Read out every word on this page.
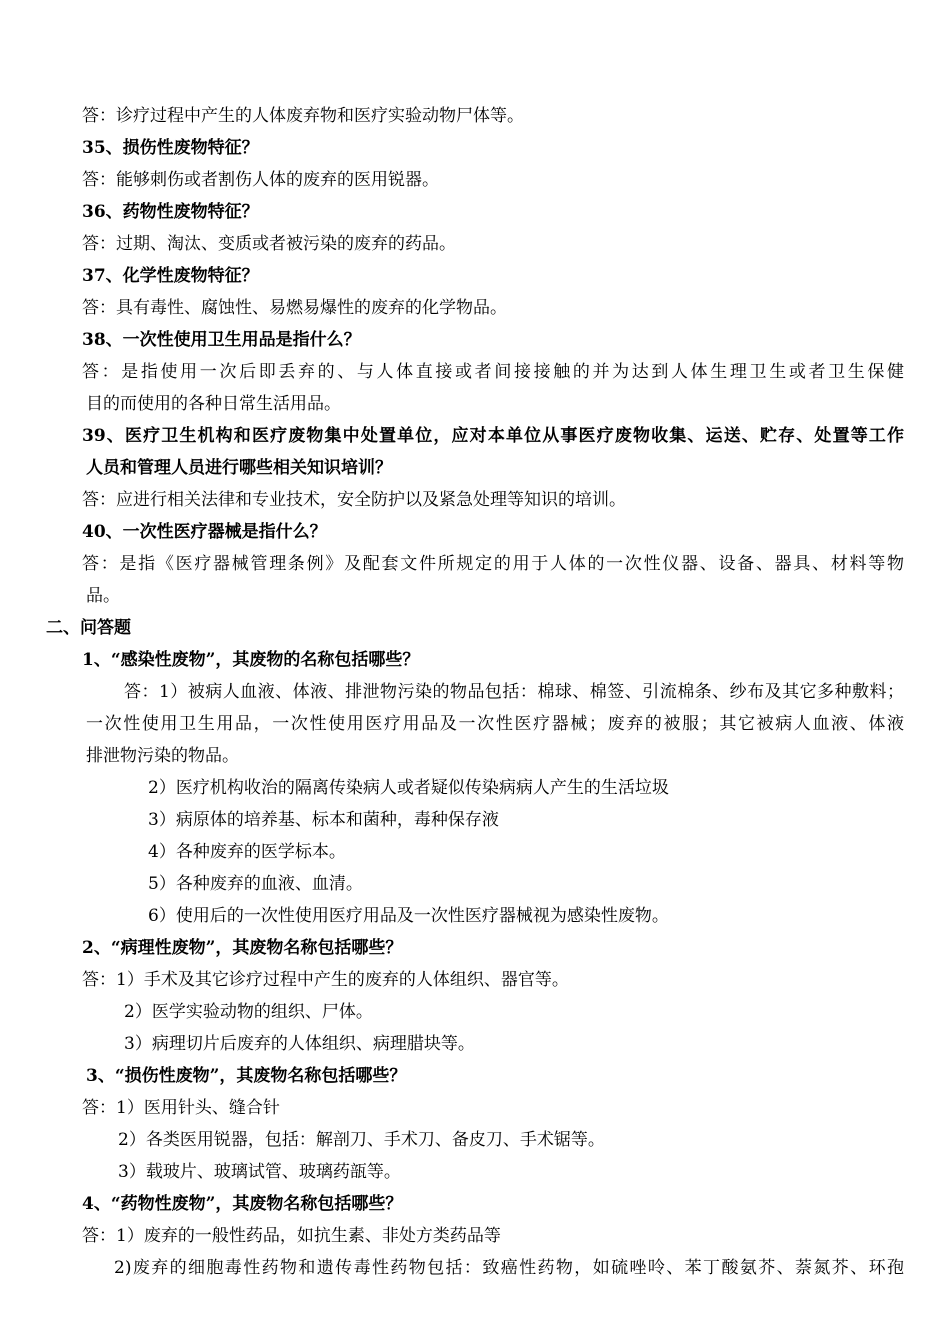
答：诊疗过程中产生的人体废弃物和医疗实验动物尸体等。

35、损伤性废物特征？

答：能够刺伤或者割伤人体的废弃的医用锐器。

36、药物性废物特征？

答：过期、淘汰、变质或者被污染的废弃的药品。

37、化学性废物特征？

答：具有毒性、腐蚀性、易燃易爆性的废弃的化学物品。

38、一次性使用卫生用品是指什么？

答：是指使用一次后即丢弃的、与人体直接或者间接接触的并为达到人体生理卫生或者卫生保健

目的而使用的各种日常生活用品。

39、医疗卫生机构和医疗废物集中处置单位，应对本单位从事医疗废物收集、运送、贮存、处置等工作

人员和管理人员进行哪些相关知识培训？

答：应进行相关法律和专业技术，安全防护以及紧急处理等知识的培训。

40、一次性医疗器械是指什么？

答：是指《医疗器械管理条例》及配套文件所规定的用于人体的一次性仪器、设备、器具、材料等物

品。

二、问答题

1、“感染性废物”，其废物的名称包括哪些？

答：1）被病人血液、体液、排泄物污染的物品包括：棉球、棉签、引流棉条、纱布及其它多种敷料；

一次性使用卫生用品，一次性使用医疗用品及一次性医疗器械；废弃的被服；其它被病人血液、体液

排泄物污染的物品。

2）医疗机构收治的隔离传染病人或者疑似传染病病人产生的生活垃圾

3）病原体的培养基、标本和菌种，毒种保存液

4）各种废弃的医学标本。

5）各种废弃的血液、血清。

6）使用后的一次性使用医疗用品及一次性医疗器械视为感染性废物。

2、“病理性废物”，其废物名称包括哪些？

答：1）手术及其它诊疗过程中产生的废弃的人体组织、器官等。

2）医学实验动物的组织、尸体。

3）病理切片后废弃的人体组织、病理腊块等。

3、“损伤性废物”，其废物名称包括哪些？

答：1）医用针头、缝合针

2）各类医用锐器，包括：解剖刀、手术刀、备皮刀、手术锯等。

3）载玻片、玻璃试管、玻璃药瓿等。

4、“药物性废物”，其废物名称包括哪些？

答：1）废弃的一般性药品，如抗生素、非处方类药品等

2)废弃的细胞毒性药物和遗传毒性药物包括：致癌性药物，如硫唑呤、苯丁酸氨芥、萘氮芥、环孢
